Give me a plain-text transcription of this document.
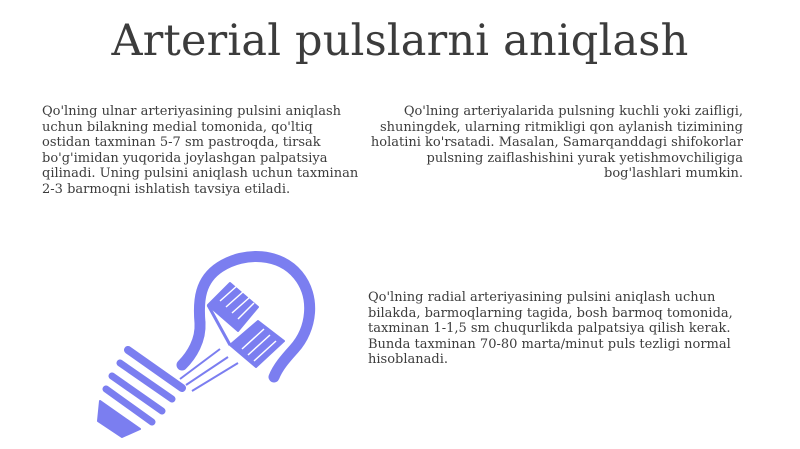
Arterial pulslarni aniqlash

Qo'lning ulnar arteriyasining pulsini aniqlash uchun bilakning medial tomonida, qo'ltiq ostidan taxminan 5-7 sm pastroqda, tirsak bo'g'imidan yuqorida joylashgan palpatsiya qilinadi. Uning pulsini aniqlash uchun taxminan 2-3 barmoqni ishlatish tavsiya etiladi.

Qo'lning arteriyalarida pulsning kuchli yoki zaifligi, shuningdek, ularning ritmikligi qon aylanish tizimining holatini ko'rsatadi. Masalan, Samarqanddagi shifokorlar pulsning zaiflashishini yurak yetishmovchiligiga bog'lashlari mumkin.

Qo'lning radial arteriyasining pulsini aniqlash uchun bilakda, barmoqlarning tagida, bosh barmoq tomonida, taxminan 1-1,5 sm chuqurlikda palpatsiya qilish kerak. Bunda taxminan 70-80 marta/minut puls tezligi normal hisoblanadi.
